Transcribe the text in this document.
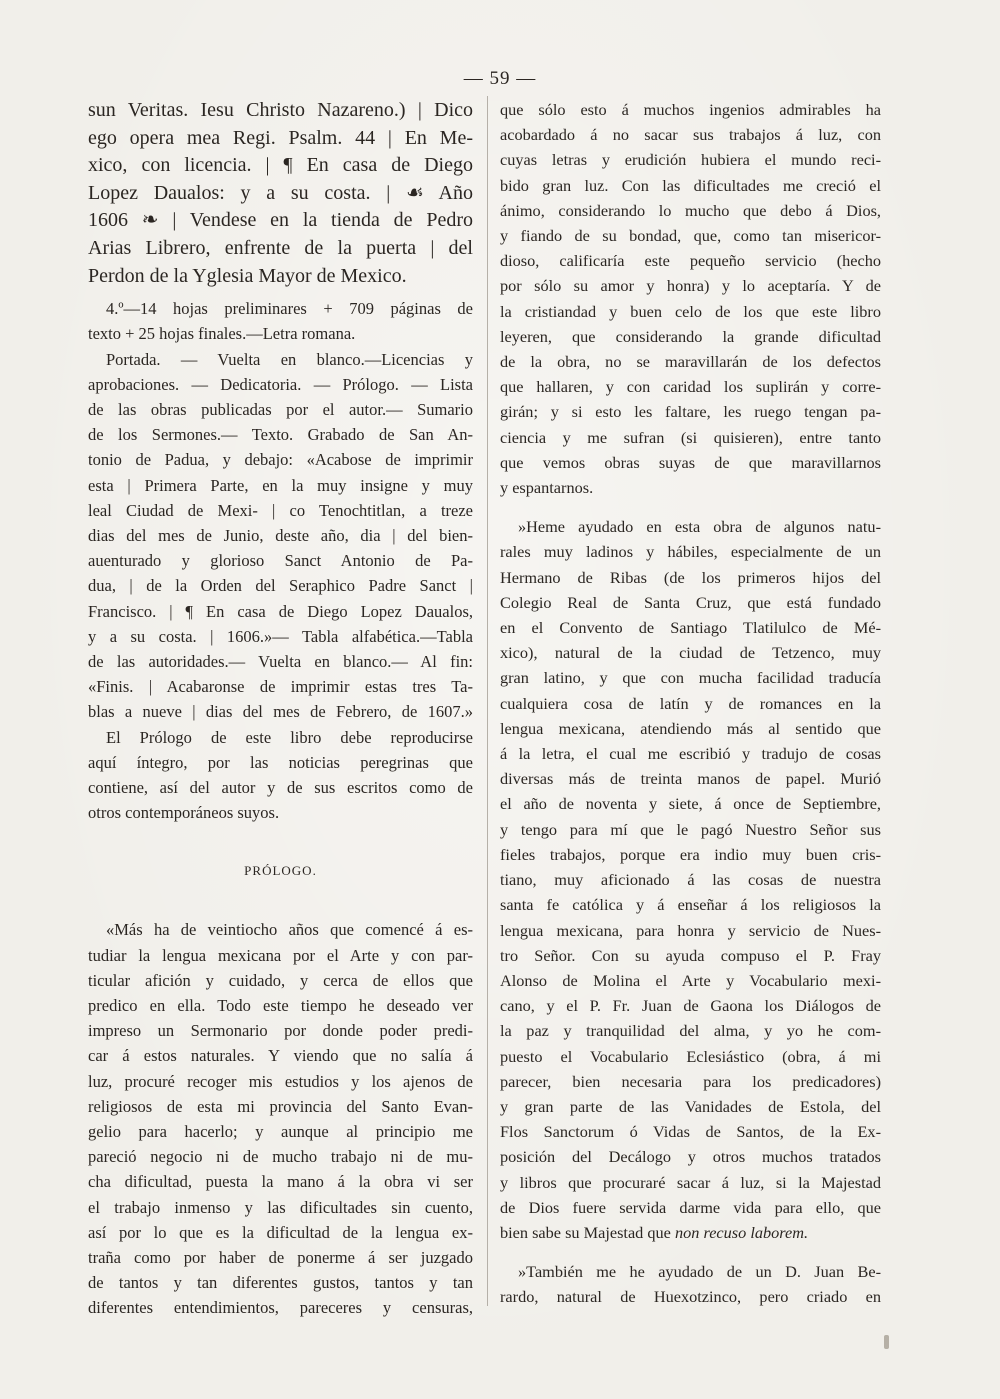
— 59 —
sun Veritas. Iesu Christo Nazareno.) | Dico
ego opera mea Regi. Psalm. 44 | En Me-
xico, con licencia. | ¶ En casa de Diego
Lopez Daualos: y a su costa. | ☙ Año
1606 ❧ | Vendese en la tienda de Pedro
Arias Librero, enfrente de la puerta | del
Perdon de la Yglesia Mayor de Mexico.
4.º—14 hojas preliminares + 709 páginas de
texto + 25 hojas finales.—Letra romana.
Portada. — Vuelta en blanco.—Licencias y
aprobaciones. — Dedicatoria. — Prólogo. — Lista
de las obras publicadas por el autor.— Sumario
de los Sermones.— Texto. Grabado de San An-
tonio de Padua, y debajo: «Acabose de imprimir
esta | Primera Parte, en la muy insigne y muy
leal Ciudad de Mexi- | co Tenochtitlan, a treze
dias del mes de Junio, deste año, dia | del bien-
auenturado y glorioso Sanct Antonio de Pa-
dua, | de la Orden del Seraphico Padre Sanct |
Francisco. | ¶ En casa de Diego Lopez Daualos,
y a su costa. | 1606.»— Tabla alfabética.—Tabla
de las autoridades.— Vuelta en blanco.— Al fin:
«Finis. | Acabaronse de imprimir estas tres Ta-
blas a nueve | dias del mes de Febrero, de 1607.»
El Prólogo de este libro debe reproducirse
aquí íntegro, por las noticias peregrinas que
contiene, así del autor y de sus escritos como de
otros contemporáneos suyos.
PRÓLOGO.
«Más ha de veintiocho años que comencé á es-
tudiar la lengua mexicana por el Arte y con par-
ticular afición y cuidado, y cerca de ellos que
predico en ella. Todo este tiempo he deseado ver
impreso un Sermonario por donde poder predi-
car á estos naturales. Y viendo que no salía á
luz, procuré recoger mis estudios y los ajenos de
religiosos de esta mi provincia del Santo Evan-
gelio para hacerlo; y aunque al principio me
pareció negocio ni de mucho trabajo ni de mu-
cha dificultad, puesta la mano á la obra vi ser
el trabajo inmenso y las dificultades sin cuento,
así por lo que es la dificultad de la lengua ex-
traña como por haber de ponerme á ser juzgado
de tantos y tan diferentes gustos, tantos y tan
diferentes entendimientos, pareceres y censuras,
que sólo esto á muchos ingenios admirables ha
acobardado á no sacar sus trabajos á luz, con
cuyas letras y erudición hubiera el mundo reci-
bido gran luz. Con las dificultades me creció el
ánimo, considerando lo mucho que debo á Dios,
y fiando de su bondad, que, como tan misericor-
dioso, calificaría este pequeño servicio (hecho
por sólo su amor y honra) y lo aceptaría. Y de
la cristiandad y buen celo de los que este libro
leyeren, que considerando la grande dificultad
de la obra, no se maravillarán de los defectos
que hallaren, y con caridad los suplirán y corre-
girán; y si esto les faltare, les ruego tengan pa-
ciencia y me sufran (si quisieren), entre tanto
que vemos obras suyas de que maravillarnos
y espantarnos.
»Heme ayudado en esta obra de algunos natu-
rales muy ladinos y hábiles, especialmente de un
Hermano de Ribas (de los primeros hijos del
Colegio Real de Santa Cruz, que está fundado
en el Convento de Santiago Tlatilulco de Mé-
xico), natural de la ciudad de Tetzenco, muy
gran latino, y que con mucha facilidad traducía
cualquiera cosa de latín y de romances en la
lengua mexicana, atendiendo más al sentido que
á la letra, el cual me escribió y tradujo de cosas
diversas más de treinta manos de papel. Murió
el año de noventa y siete, á once de Septiembre,
y tengo para mí que le pagó Nuestro Señor sus
fieles trabajos, porque era indio muy buen cris-
tiano, muy aficionado á las cosas de nuestra
santa fe católica y á enseñar á los religiosos la
lengua mexicana, para honra y servicio de Nues-
tro Señor. Con su ayuda compuso el P. Fray
Alonso de Molina el Arte y Vocabulario mexi-
cano, y el P. Fr. Juan de Gaona los Diálogos de
la paz y tranquilidad del alma, y yo he com-
puesto el Vocabulario Eclesiástico (obra, á mi
parecer, bien necesaria para los predicadores)
y gran parte de las Vanidades de Estola, del
Flos Sanctorum ó Vidas de Santos, de la Ex-
posición del Decálogo y otros muchos tratados
y libros que procuraré sacar á luz, si la Majestad
de Dios fuere servida darme vida para ello, que
bien sabe su Majestad que non recuso laborem.
»También me he ayudado de un D. Juan Be-
rardo, natural de Huexotzinco, pero criado en
